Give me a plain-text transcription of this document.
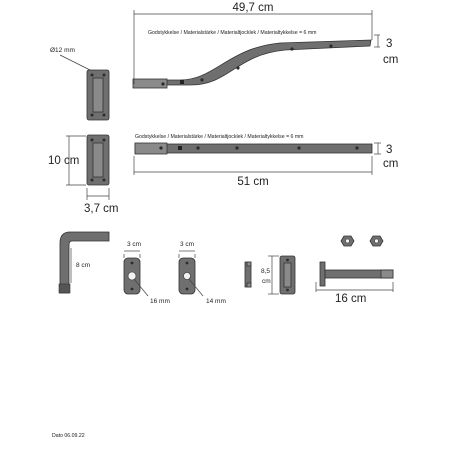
49,7 cm
Godstykkelse / Materialstärke / Materialtjocklek / Materialtykkelse = 6 mm
3
cm
Ø12 mm
10 cm
3,7 cm
Godstykkelse / Materialstärke / Materialtjocklek / Materialtykkelse = 6 mm
3
cm
51 cm
8 cm
3 cm
16 mm
3 cm
14 mm
8,5
cm
16 cm
Dato 06.09.22
